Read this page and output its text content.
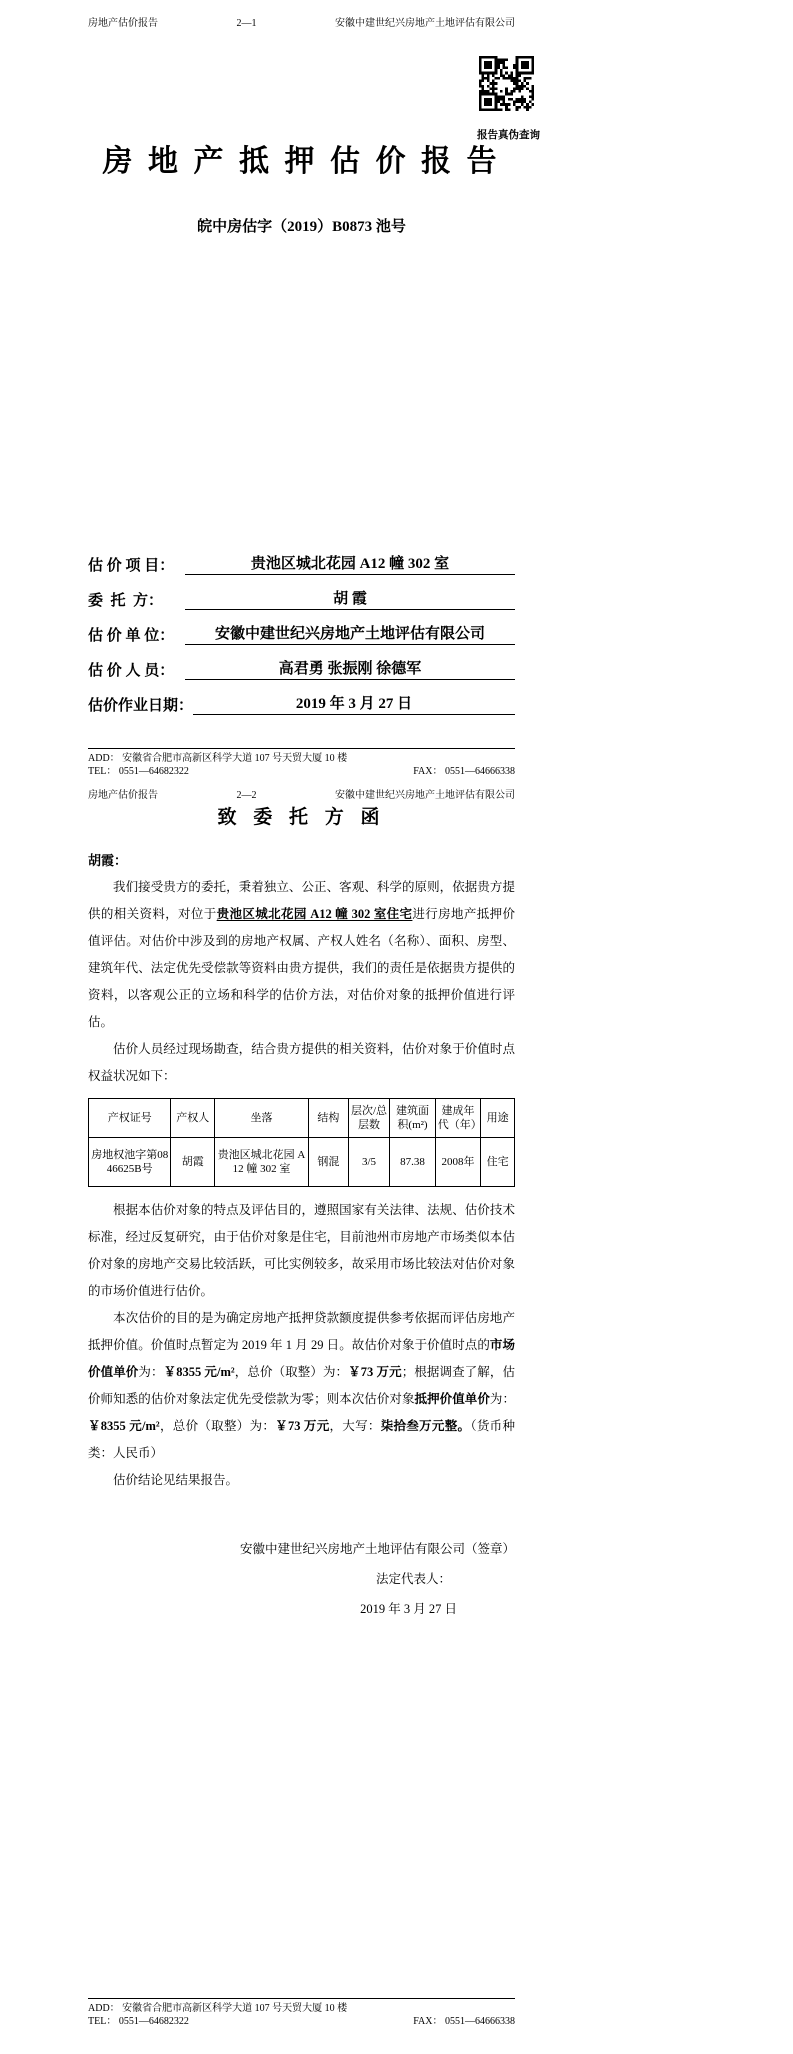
房地产估价报告	2—1	安徽中建世纪兴房地产土地评估有限公司
报告真伪查询
房 地 产 抵 押 估 价 报 告
皖中房估字（2019）B0873 池号
估 价 项 目：	贵池区城北花园 A12 幢 302 室
委  托  方：	胡 霞
估 价 单 位：	安徽中建世纪兴房地产土地评估有限公司
估 价 人 员：	高君勇 张振刚 徐德军
估价作业日期：	2019 年 3 月 27 日
ADD： 安徽省合肥市高新区科学大道 107 号天贸大厦 10 楼
TEL： 0551—64682322	FAX： 0551—64666338
房地产估价报告	2—2	安徽中建世纪兴房地产土地评估有限公司
致 委 托 方 函
胡霞：

我们接受贵方的委托，秉着独立、公正、客观、科学的原则，依据贵方提供的相关资料，对位于贵池区城北花园 A12 幢 302 室住宅进行房地产抵押价值评估。对估价中涉及到的房地产权属、产权人姓名（名称）、面积、房型、建筑年代、法定优先受偿款等资料由贵方提供，我们的责任是依据贵方提供的资料，以客观公正的立场和科学的估价方法，对估价对象的抵押价值进行评估。

估价人员经过现场勘查，结合贵方提供的相关资料，估价对象于价值时点权益状况如下：

产权证号	产权人	坐落	结构	层次/总层数	建筑面积(m²)	建成年代（年）	用途
房地权池字第0846625B号	胡霞	贵池区城北花园 A12 幢 302 室	钢混	3/5	87.38	2008年	住宅

根据本估价对象的特点及评估目的，遵照国家有关法律、法规、估价技术标准，经过反复研究，由于估价对象是住宅，目前池州市房地产市场类似本估价对象的房地产交易比较活跃，可比实例较多，故采用市场比较法对估价对象的市场价值进行估价。

本次估价的目的是为确定房地产抵押贷款额度提供参考依据而评估房地产抵押价值。价值时点暂定为 2019 年 1 月 29 日。故估价对象于价值时点的市场价值单价为：￥8355 元/m²，总价（取整）为：￥73 万元；根据调查了解，估价师知悉的估价对象法定优先受偿款为零；则本次估价对象抵押价值单价为：￥8355 元/m²，总价（取整）为：￥73 万元，大写：柒拾叁万元整。（货币种类：人民币）

估价结论见结果报告。

安徽中建世纪兴房地产土地评估有限公司（签章）
法定代表人：
2019 年 3 月 27 日
ADD： 安徽省合肥市高新区科学大道 107 号天贸大厦 10 楼
TEL： 0551—64682322	FAX： 0551—64666338
